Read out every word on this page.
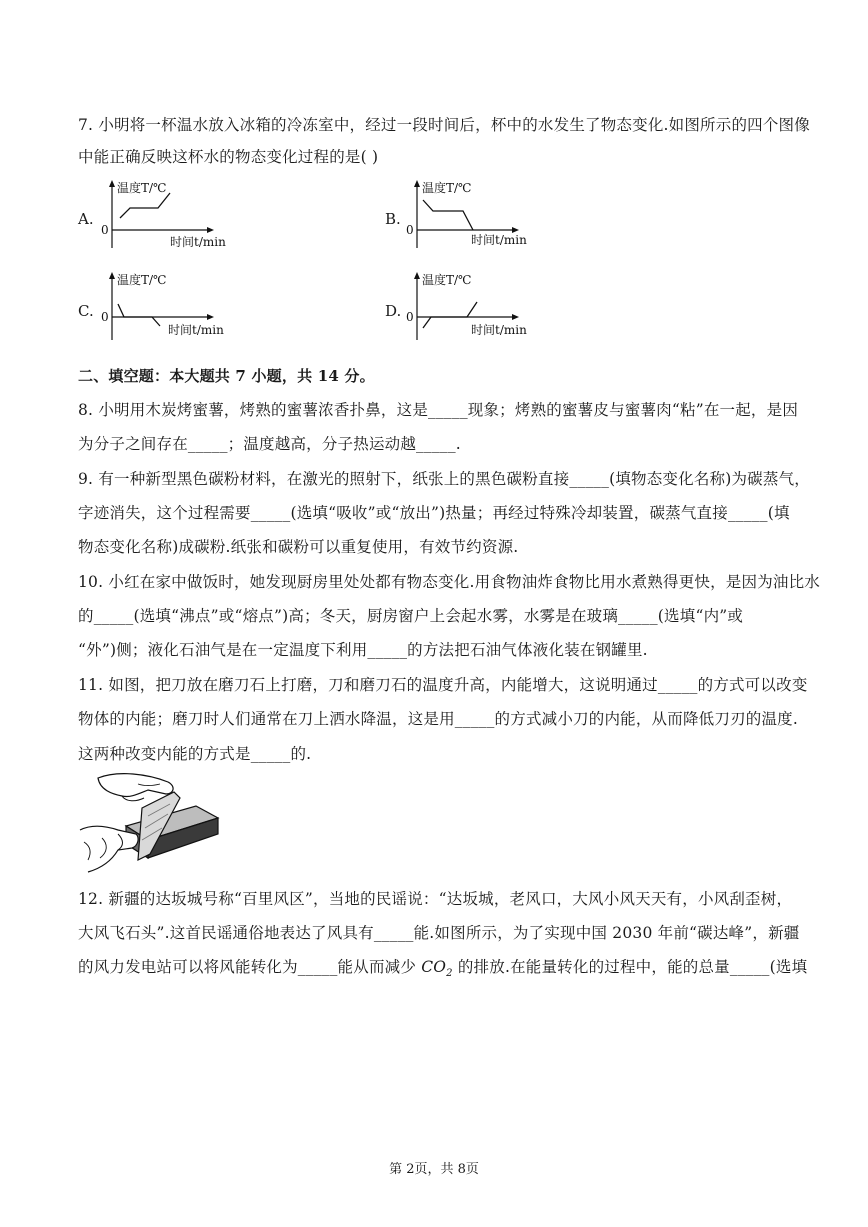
7. 小明将一杯温水放入冰箱的冷冻室中，经过一段时间后，杯中的水发生了物态变化.如图所示的四个图像
中能正确反映这杯水的物态变化过程的是( )
A.
温度T/℃
0
时间t/min
B.
温度T/℃
0
时间t/min
C.
温度T/℃
0
时间t/min
D.
温度T/℃
0
时间t/min
二、填空题：本大题共 7 小题，共 14 分。
8. 小明用木炭烤蜜薯，烤熟的蜜薯浓香扑鼻，这是_____现象；烤熟的蜜薯皮与蜜薯肉“粘”在一起，是因
为分子之间存在_____；温度越高，分子热运动越_____.
9. 有一种新型黑色碳粉材料，在激光的照射下，纸张上的黑色碳粉直接_____(填物态变化名称)为碳蒸气，
字迹消失，这个过程需要_____(选填“吸收”或“放出”)热量；再经过特殊冷却装置，碳蒸气直接_____(填
物态变化名称)成碳粉.纸张和碳粉可以重复使用，有效节约资源.
10. 小红在家中做饭时，她发现厨房里处处都有物态变化.用食物油炸食物比用水煮熟得更快，是因为油比水
的_____(选填“沸点”或“熔点”)高；冬天，厨房窗户上会起水雾，水雾是在玻璃_____(选填“内”或
“外”)侧；液化石油气是在一定温度下利用_____的方法把石油气体液化装在钢罐里.
11. 如图，把刀放在磨刀石上打磨，刀和磨刀石的温度升高，内能增大，这说明通过_____的方式可以改变
物体的内能；磨刀时人们通常在刀上洒水降温，这是用_____的方式减小刀的内能，从而降低刀刃的温度.
这两种改变内能的方式是_____的.
12. 新疆的达坂城号称“百里风区”，当地的民谣说：“达坂城，老风口，大风小风天天有，小风刮歪树，
大风飞石头”.这首民谣通俗地表达了风具有_____能.如图所示，为了实现中国 2030 年前“碳达峰”，新疆
的风力发电站可以将风能转化为_____能从而减少 $CO_2$ 的排放.在能量转化的过程中，能的总量_____(选填
第 2页，共 8页
